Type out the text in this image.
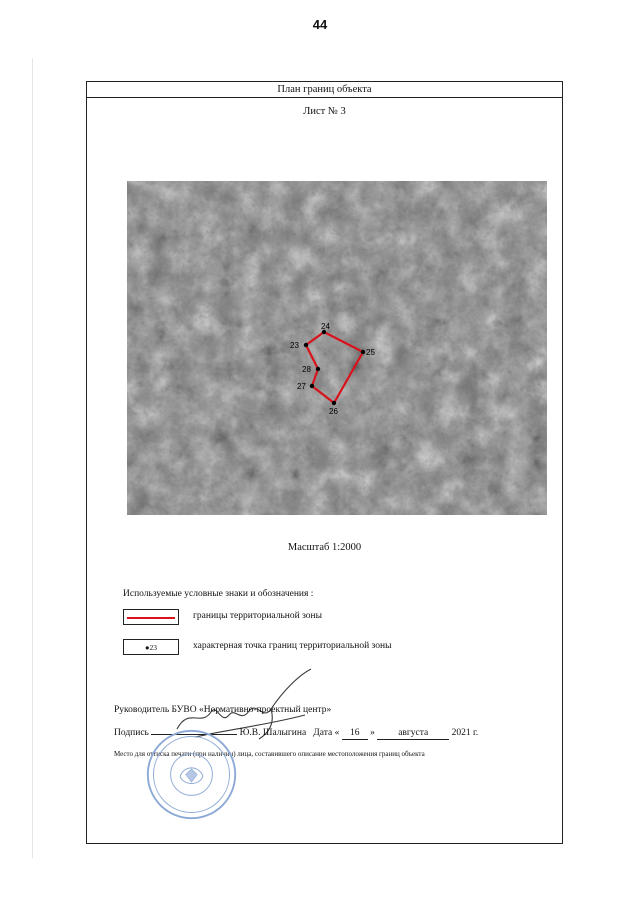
44
План границ объекта
Лист № 3
24
25
26
27
28
23
Масштаб 1:2000
Используемые условные знаки и обозначения :
границы территориальной зоны
●23	характерная точка границ территориальной зоны
Руководитель БУВО «Нормативно-проектный центр»
Подпись	Ю.В. Шалыгина Дата « 16 » августа 2021 г.
Место для оттиска печати (при наличии) лица, составившего описание местоположения границ объекта
